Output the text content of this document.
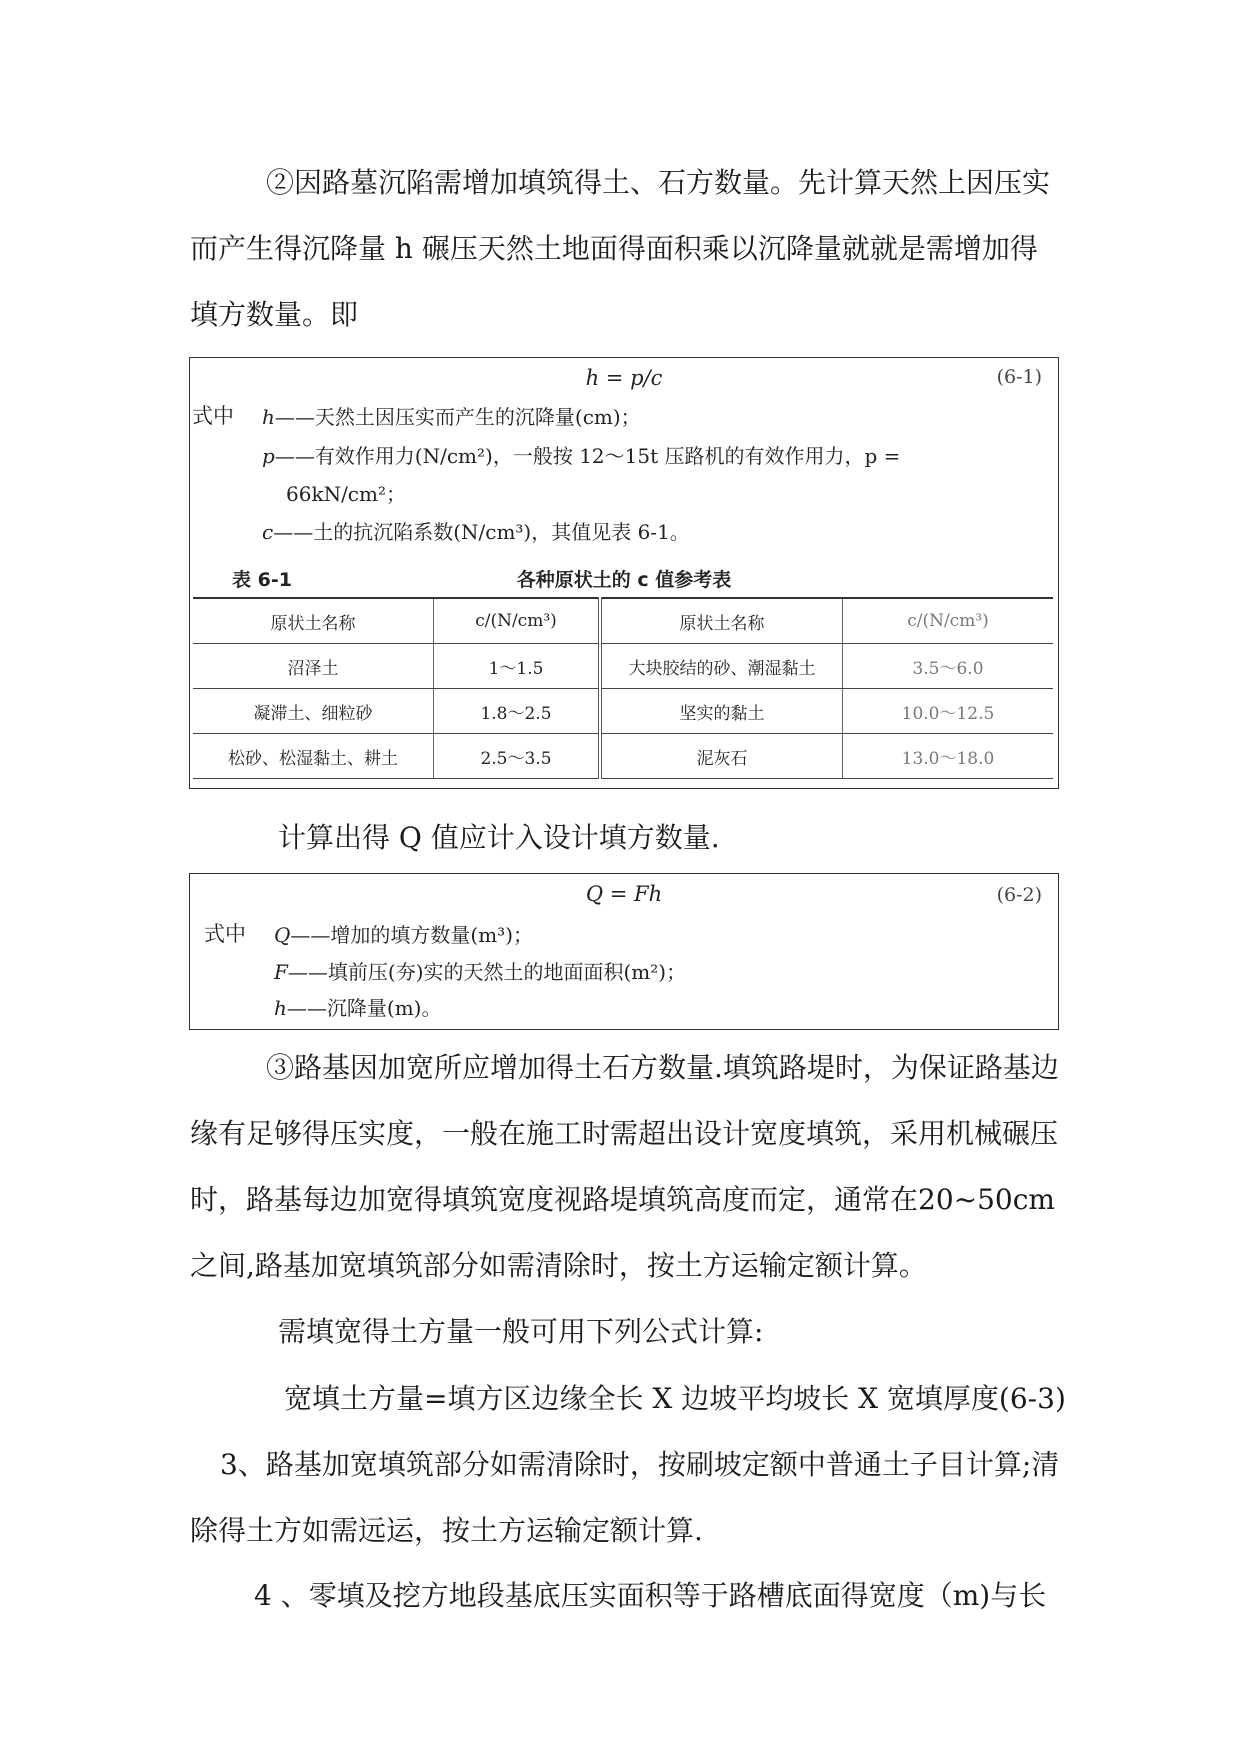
②因路墓沉陷需增加填筑得土、石方数量。先计算天然上因压实而产生得沉降量 h 碾压天然土地面得面积乘以沉降量就就是需增加得填方数量。即

h = p/c	(6-1)
式中 h——天然土因压实而产生的沉降量(cm)；
p——有效作用力(N/cm²)，一般按 12～15t 压路机的有效作用力，p =
66kN/cm²；
c——土的抗沉陷系数(N/cm³)，其值见表 6-1。
表 6-1	各种原状土的 c 值参考表
原状土名称	c/(N/cm³)	原状土名称	c/(N/cm³)
沼泽土	1～1.5	大块胶结的砂、潮湿黏土	3.5～6.0
凝滞土、细粒砂	1.8～2.5	坚实的黏土	10.0～12.5
松砂、松湿黏土、耕土	2.5～3.5	泥灰石	13.0～18.0

计算出得 Q 值应计入设计填方数量.

Q = Fh	(6-2)
式中 Q——增加的填方数量(m³)；
F——填前压(夯)实的天然土的地面面积(m²)；
h——沉降量(m)。

③路基因加宽所应增加得土石方数量.填筑路堤时，为保证路基边缘有足够得压实度，一般在施工时需超出设计宽度填筑，采用机械碾压时，路基每边加宽得填筑宽度视路堤填筑高度而定，通常在20~50cm 之间,路基加宽填筑部分如需清除时，按土方运输定额计算。

需填宽得土方量一般可用下列公式计算:

宽填土方量=填方区边缘全长 X 边坡平均坡长 X 宽填厚度(6-3)

3、路基加宽填筑部分如需清除时，按刷坡定额中普通土子目计算;清除得土方如需远运，按土方运输定额计算.

4 、零填及挖方地段基底压实面积等于路槽底面得宽度（m)与长
